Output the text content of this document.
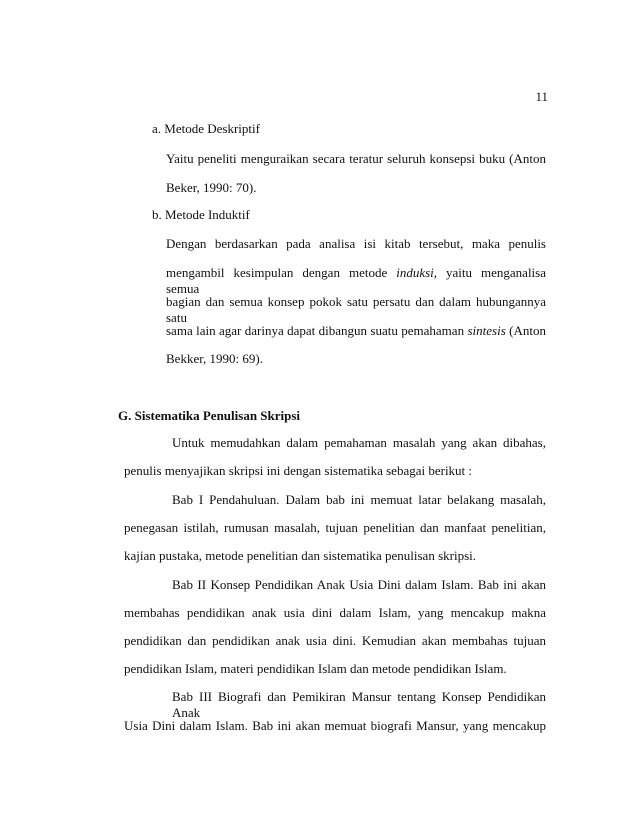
11
a. Metode Deskriptif
Yaitu peneliti menguraikan secara teratur seluruh konsepsi buku (Anton
Beker, 1990: 70).
b. Metode Induktif
Dengan berdasarkan pada analisa isi kitab tersebut, maka penulis
mengambil kesimpulan dengan metode induksi, yaitu menganalisa semua
bagian dan semua konsep pokok satu persatu dan dalam hubungannya satu
sama lain agar darinya dapat dibangun suatu pemahaman sintesis (Anton
Bekker, 1990: 69).
G. Sistematika Penulisan Skripsi
Untuk memudahkan dalam pemahaman masalah yang akan dibahas,
penulis menyajikan skripsi ini dengan sistematika sebagai berikut :
Bab I Pendahuluan. Dalam bab ini memuat latar belakang masalah,
penegasan istilah, rumusan masalah, tujuan penelitian dan manfaat penelitian,
kajian pustaka, metode penelitian dan sistematika penulisan skripsi.
Bab II Konsep Pendidikan Anak Usia Dini dalam Islam. Bab ini akan
membahas pendidikan anak usia dini dalam Islam, yang mencakup makna
pendidikan dan pendidikan anak usia dini. Kemudian akan membahas tujuan
pendidikan Islam, materi pendidikan Islam dan metode pendidikan Islam.
Bab III Biografi dan Pemikiran Mansur tentang Konsep Pendidikan Anak
Usia Dini dalam Islam. Bab ini akan memuat biografi Mansur, yang mencakup
